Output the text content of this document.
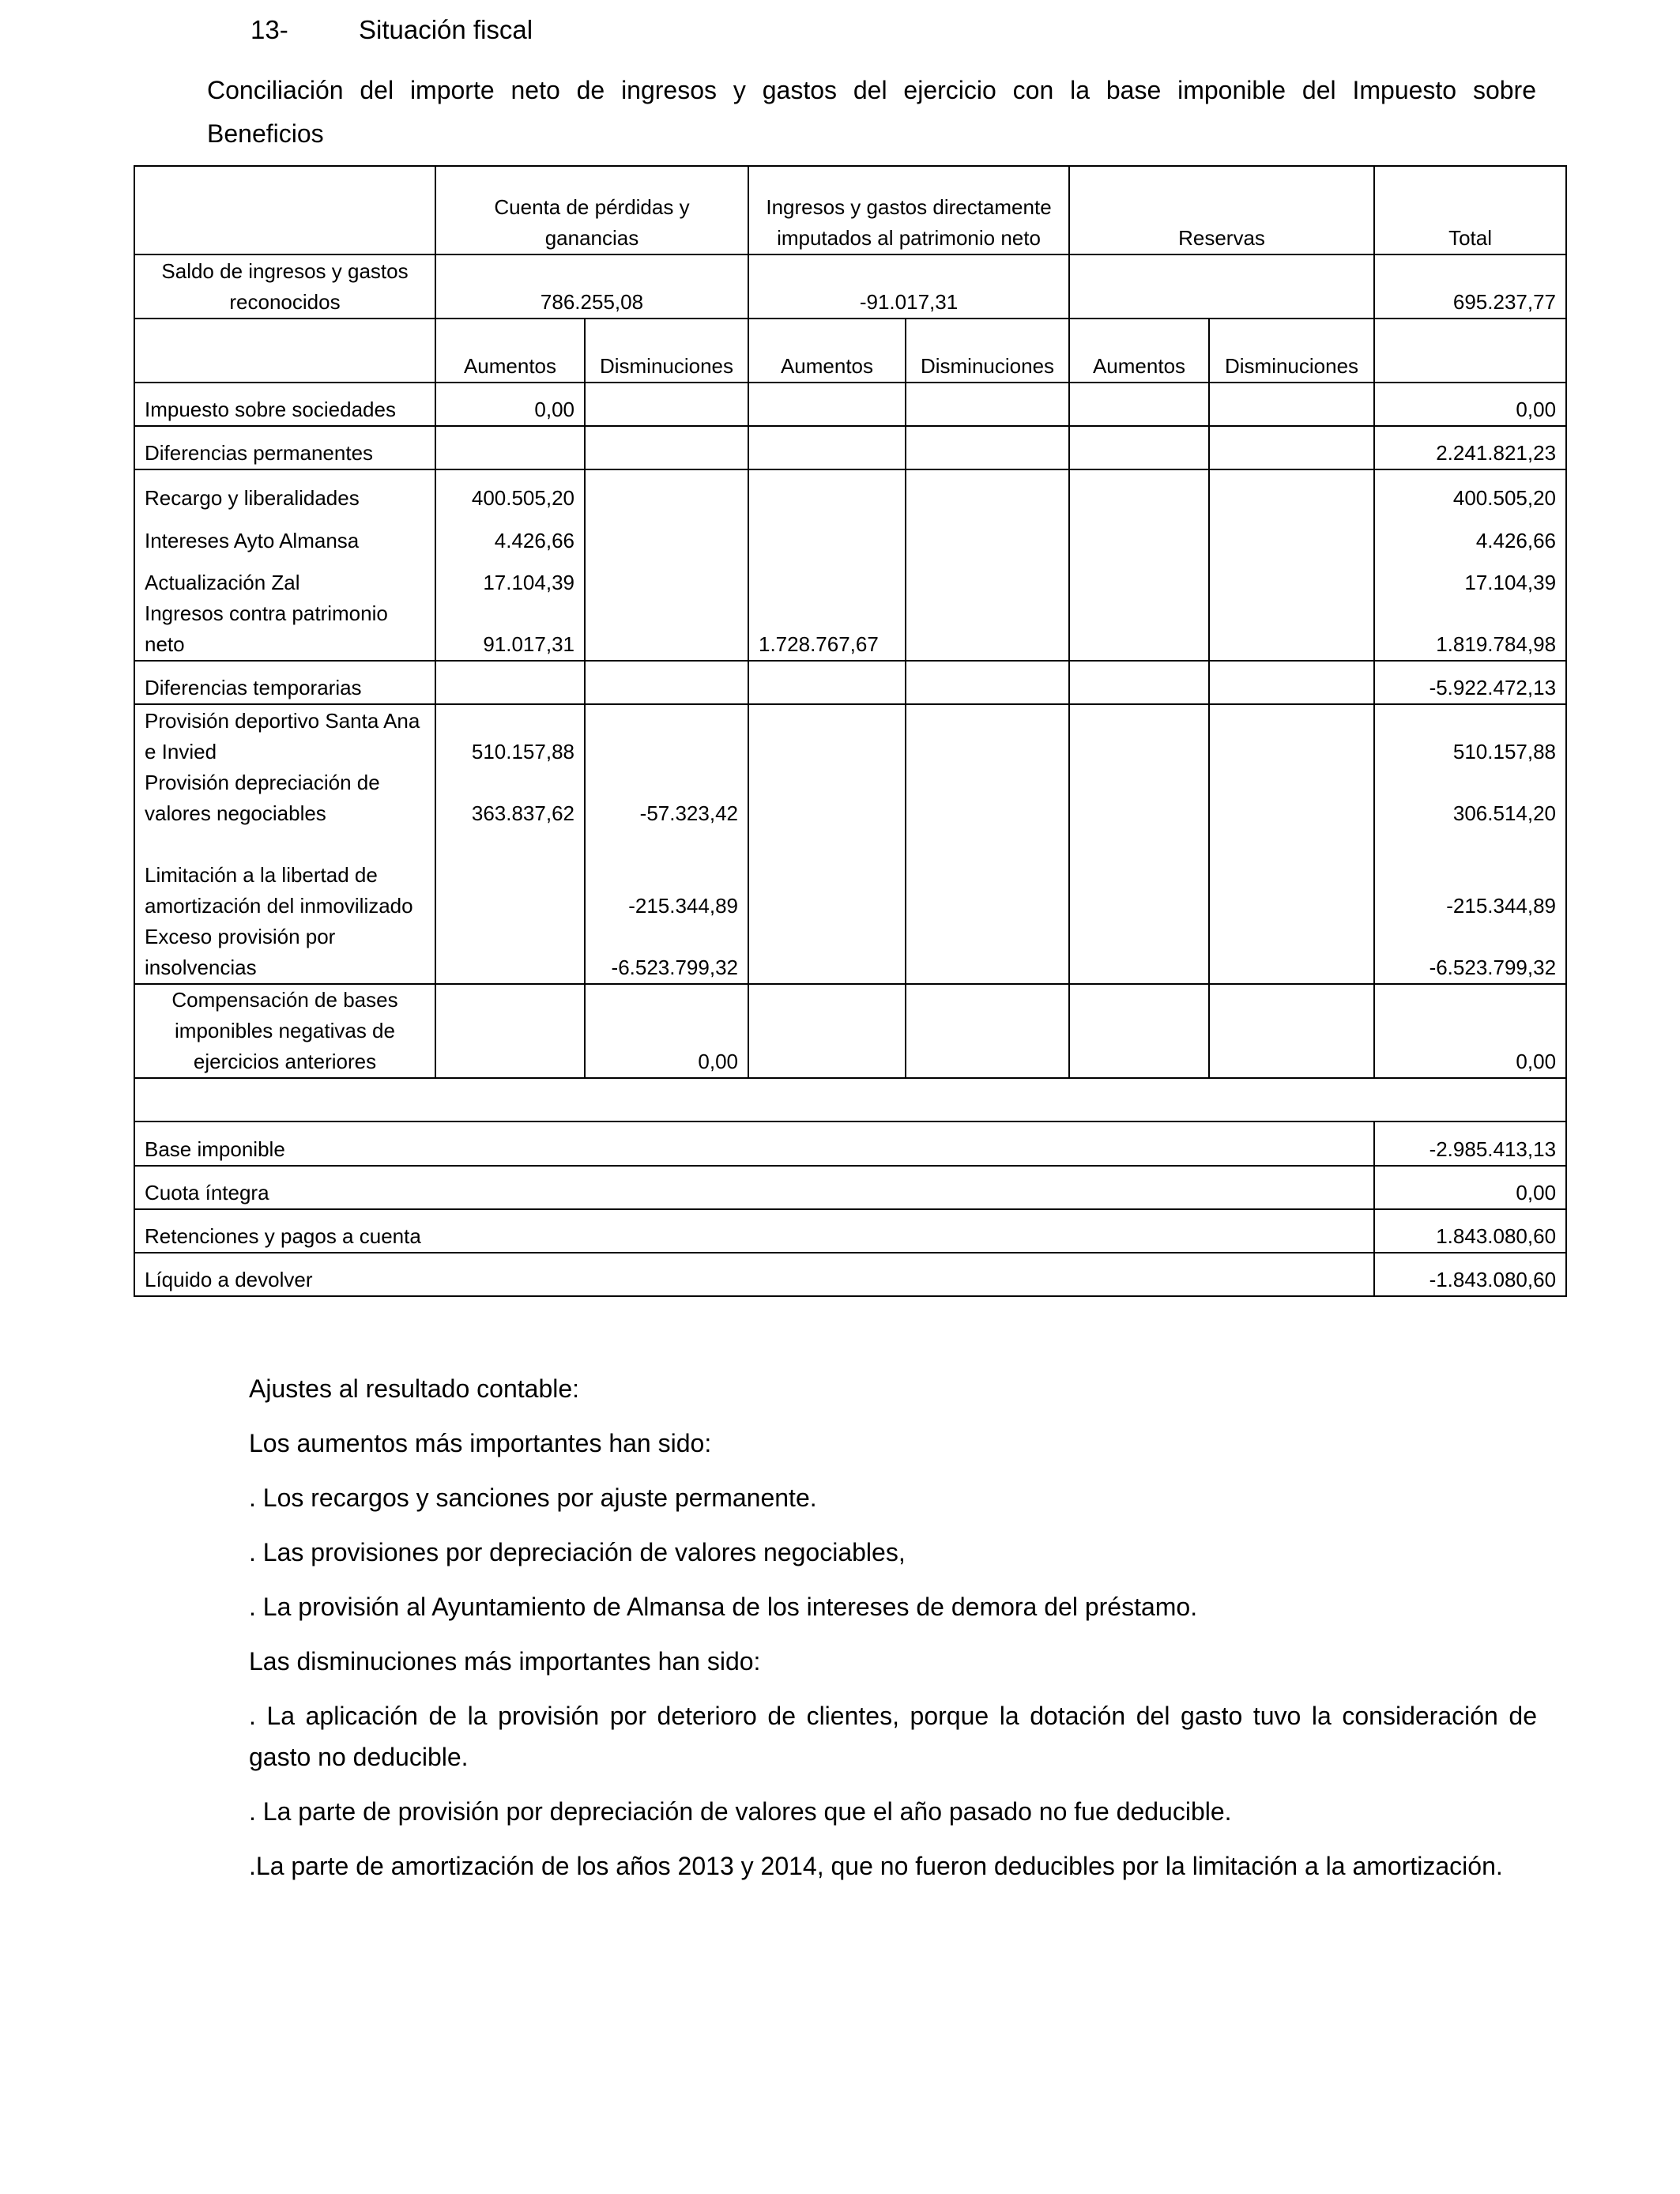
13-	Situación fiscal
Conciliación del importe neto de ingresos y gastos del ejercicio con la base imponible del Impuesto sobre Beneficios
	Cuenta de pérdidas y ganancias		Ingresos y gastos directamente imputados al patrimonio neto		Reservas		Total
Saldo de ingresos y gastos reconocidos	786.255,08		-91.017,31				695.237,77
	Aumentos	Disminuciones	Aumentos	Disminuciones	Aumentos	Disminuciones	
Impuesto sobre sociedades	0,00						0,00
Diferencias permanentes							2.241.821,23
Recargo y liberalidades	400.505,20						400.505,20
Intereses Ayto Almansa	4.426,66						4.426,66
Actualización Zal	17.104,39						17.104,39
Ingresos contra patrimonio neto	91.017,31		1.728.767,67				1.819.784,98
Diferencias temporarias							-5.922.472,13
Provisión deportivo Santa Ana e Invied	510.157,88						510.157,88
Provisión depreciación de valores negociables	363.837,62	-57.323,42					306.514,20
Limitación a la libertad de amortización del inmovilizado		-215.344,89					-215.344,89
Exceso provisión por insolvencias		-6.523.799,32					-6.523.799,32
Compensación de bases imponibles negativas de ejercicios anteriores		0,00					0,00

Base imponible							-2.985.413,13
Cuota íntegra							0,00
Retenciones y pagos a cuenta							1.843.080,60
Líquido a devolver							-1.843.080,60

Ajustes al resultado contable:

Los aumentos más importantes han sido:

. Los recargos y sanciones por ajuste permanente.

. Las provisiones por depreciación de valores negociables,

. La provisión al Ayuntamiento de Almansa de los intereses de demora del préstamo.

Las disminuciones más importantes han sido:

. La aplicación de la provisión por deterioro de clientes, porque la dotación del gasto tuvo la consideración de gasto no deducible.

. La parte de provisión por depreciación de valores que el año pasado no fue deducible.

.La parte de amortización de los años 2013 y 2014, que no fueron deducibles por la limitación a la amortización.
